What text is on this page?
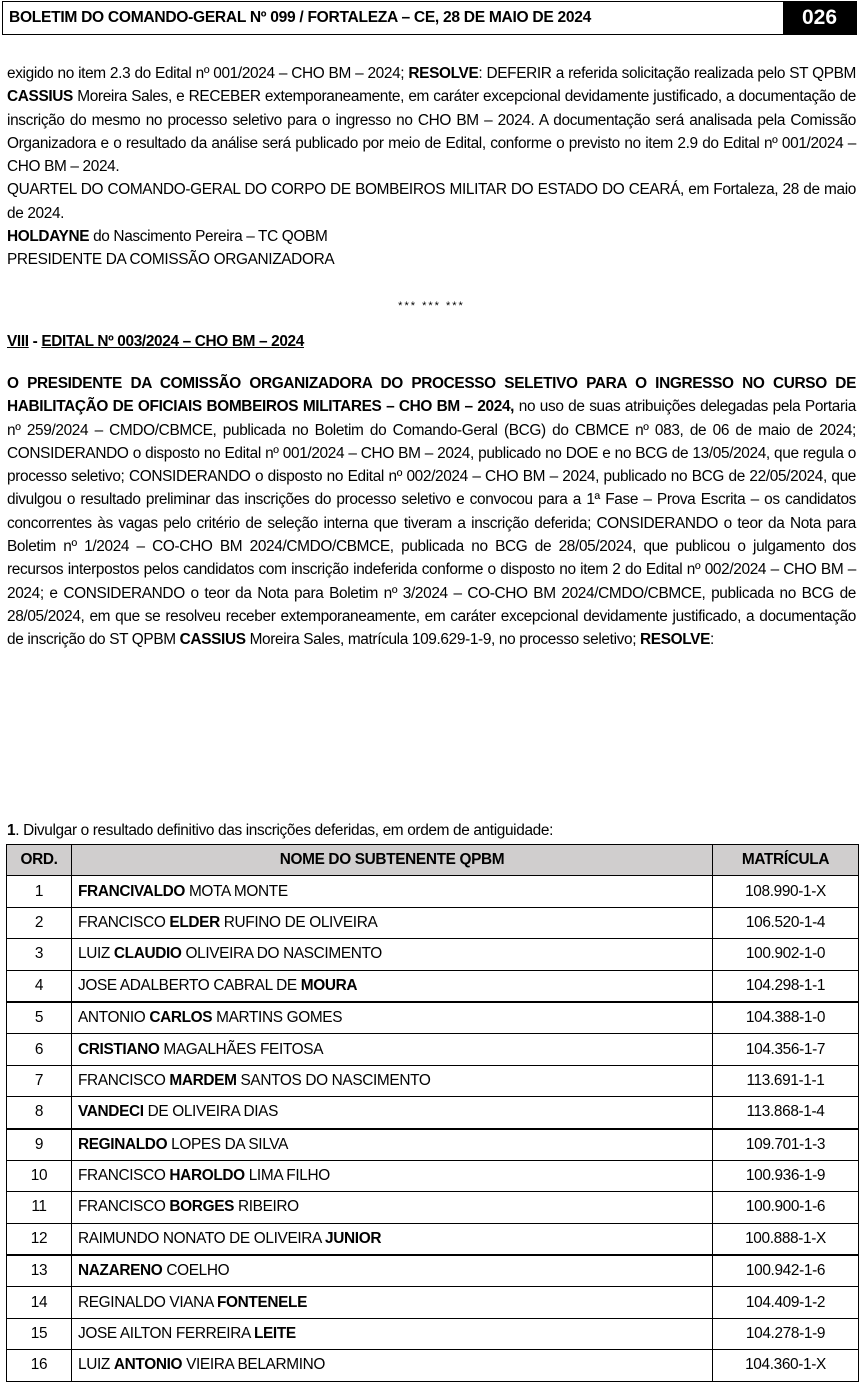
BOLETIM DO COMANDO-GERAL Nº 099 / FORTALEZA – CE, 28 DE MAIO DE 2024	026

exigido no item 2.3 do Edital nº 001/2024 – CHO BM – 2024; RESOLVE: DEFERIR a referida solicitação realizada pelo ST QPBM CASSIUS Moreira Sales, e RECEBER extemporaneamente, em caráter excepcional devidamente justificado, a documentação de inscrição do mesmo no processo seletivo para o ingresso no CHO BM – 2024. A documentação será analisada pela Comissão Organizadora e o resultado da análise será publicado por meio de Edital, conforme o previsto no item 2.9 do Edital nº 001/2024 – CHO BM – 2024.

QUARTEL DO COMANDO-GERAL DO CORPO DE BOMBEIROS MILITAR DO ESTADO DO CEARÁ, em Fortaleza, 28 de maio de 2024.

HOLDAYNE do Nascimento Pereira – TC QOBM

PRESIDENTE DA COMISSÃO ORGANIZADORA

*** *** ***

VIII - EDITAL Nº 003/2024 – CHO BM – 2024

O PRESIDENTE DA COMISSÃO ORGANIZADORA DO PROCESSO SELETIVO PARA O INGRESSO NO CURSO DE HABILITAÇÃO DE OFICIAIS BOMBEIROS MILITARES – CHO BM – 2024, no uso de suas atribuições delegadas pela Portaria nº 259/2024 – CMDO/CBMCE, publicada no Boletim do Comando-Geral (BCG) do CBMCE nº 083, de 06 de maio de 2024; CONSIDERANDO o disposto no Edital nº 001/2024 – CHO BM – 2024, publicado no DOE e no BCG de 13/05/2024, que regula o processo seletivo; CONSIDERANDO o disposto no Edital nº 002/2024 – CHO BM – 2024, publicado no BCG de 22/05/2024, que divulgou o resultado preliminar das inscrições do processo seletivo e convocou para a 1ª Fase – Prova Escrita – os candidatos concorrentes às vagas pelo critério de seleção interna que tiveram a inscrição deferida; CONSIDERANDO o teor da Nota para Boletim nº 1/2024 – CO-CHO BM 2024/CMDO/CBMCE, publicada no BCG de 28/05/2024, que publicou o julgamento dos recursos interpostos pelos candidatos com inscrição indeferida conforme o disposto no item 2 do Edital nº 002/2024 – CHO BM – 2024; e CONSIDERANDO o teor da Nota para Boletim nº 3/2024 – CO-CHO BM 2024/CMDO/CBMCE, publicada no BCG de 28/05/2024, em que se resolveu receber extemporaneamente, em caráter excepcional devidamente justificado, a documentação de inscrição do ST QPBM CASSIUS Moreira Sales, matrícula 109.629-1-9, no processo seletivo; RESOLVE:

1. Divulgar o resultado definitivo das inscrições deferidas, em ordem de antiguidade:

ORD.	NOME DO SUBTENENTE QPBM	MATRÍCULA
1	FRANCIVALDO MOTA MONTE	108.990-1-X
2	FRANCISCO ELDER RUFINO DE OLIVEIRA	106.520-1-4
3	LUIZ CLAUDIO OLIVEIRA DO NASCIMENTO	100.902-1-0
4	JOSE ADALBERTO CABRAL DE MOURA	104.298-1-1
5	ANTONIO CARLOS MARTINS GOMES	104.388-1-0
6	CRISTIANO MAGALHÃES FEITOSA	104.356-1-7
7	FRANCISCO MARDEM SANTOS DO NASCIMENTO	113.691-1-1
8	VANDECI DE OLIVEIRA DIAS	113.868-1-4
9	REGINALDO LOPES DA SILVA	109.701-1-3
10	FRANCISCO HAROLDO LIMA FILHO	100.936-1-9
11	FRANCISCO BORGES RIBEIRO	100.900-1-6
12	RAIMUNDO NONATO DE OLIVEIRA JUNIOR	100.888-1-X
13	NAZARENO COELHO	100.942-1-6
14	REGINALDO VIANA FONTENELE	104.409-1-2
15	JOSE AILTON FERREIRA LEITE	104.278-1-9
16	LUIZ ANTONIO VIEIRA BELARMINO	104.360-1-X
